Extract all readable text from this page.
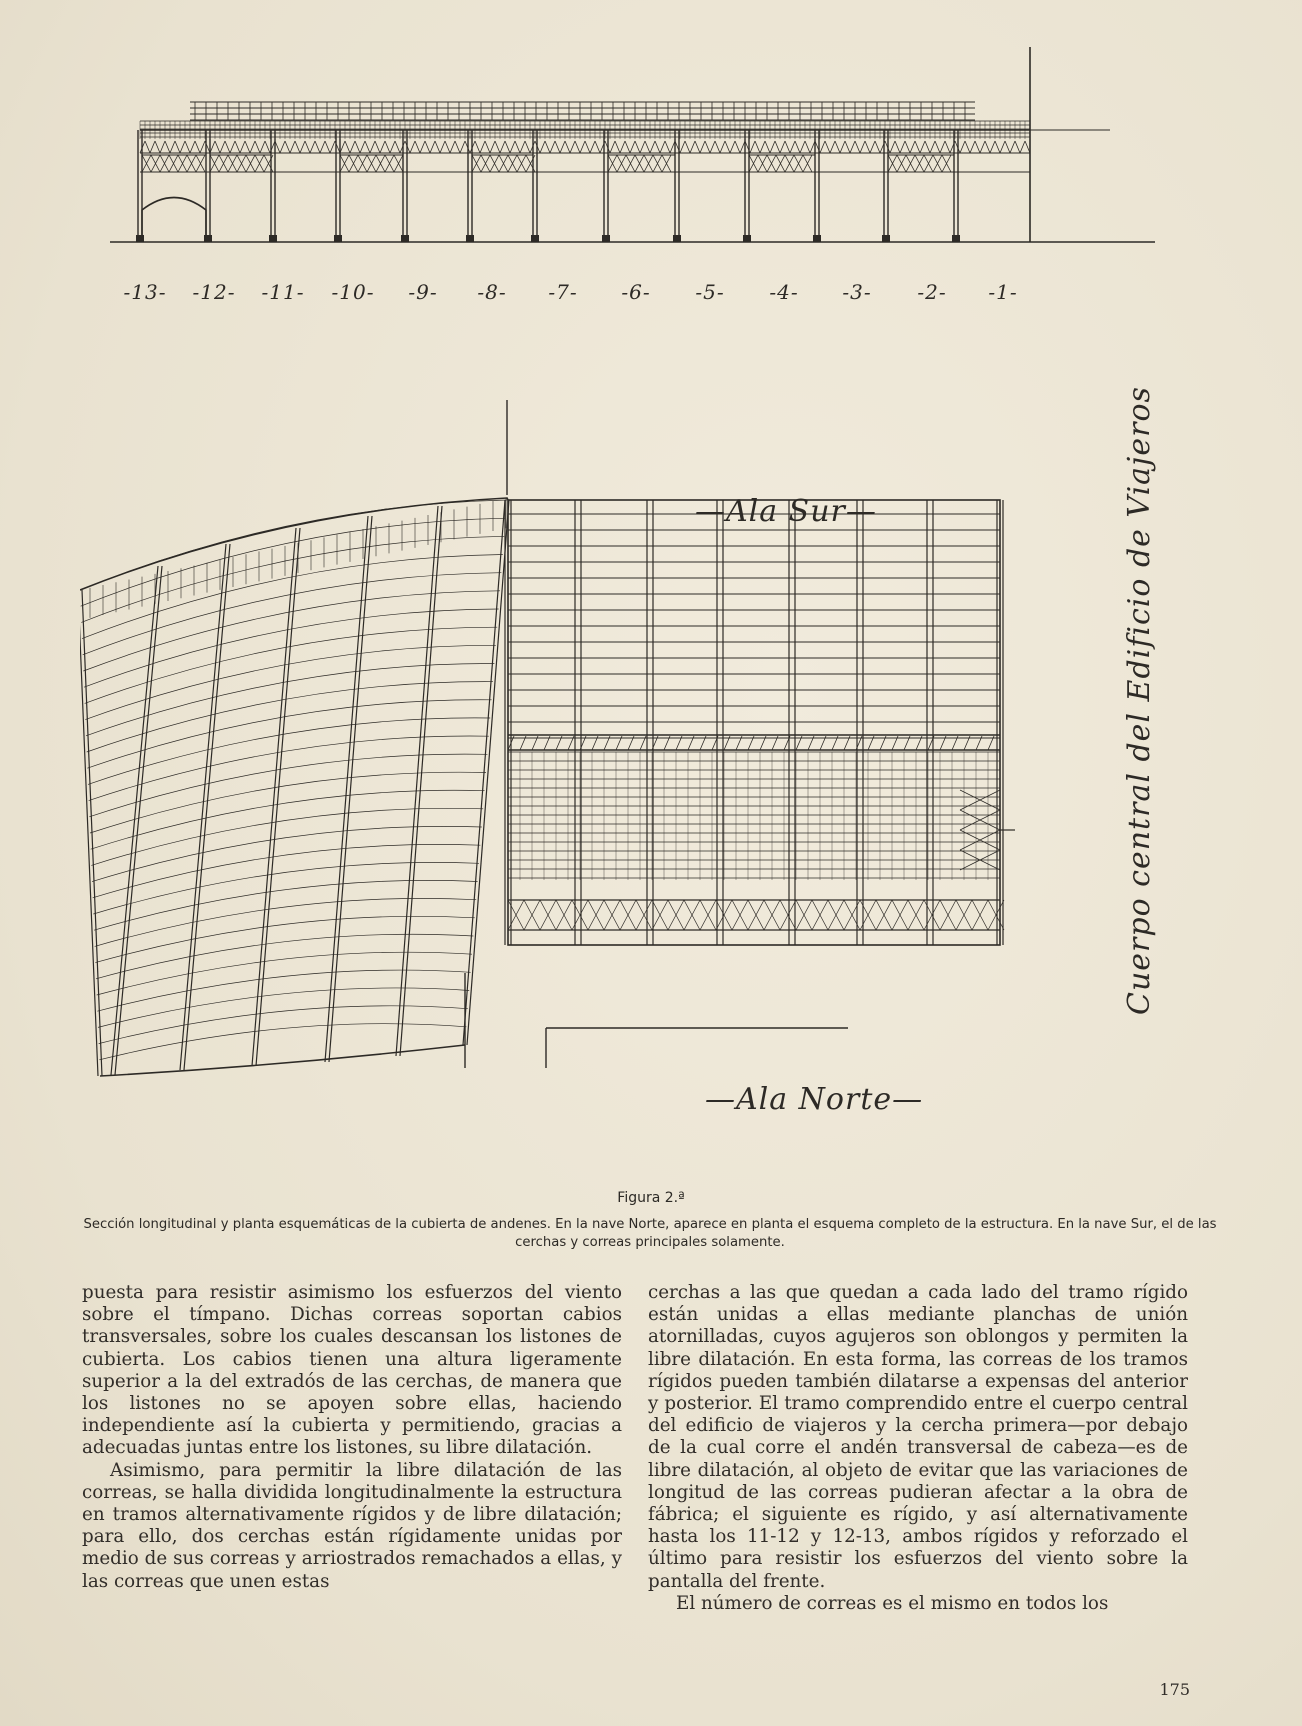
-13-	-12-	-11-	-10-	-9-	-8-	-7-	-6-	-5-	-4-	-3-	-2-	-1-
—Ala Sur—
—Ala Norte—
Cuerpo central del Edificio de Viajeros
Figura 2.ª
Sección longitudinal y planta esquemáticas de la cubierta de andenes. En la nave Norte, aparece en planta el esquema completo de la estructura. En la nave Sur, el de las cerchas y correas principales solamente.

puesta para resistir asimismo los esfuerzos del viento sobre el tímpano. Dichas correas soportan cabios transversales, sobre los cuales descansan los listones de cubierta. Los cabios tienen una altura ligeramente superior a la del extradós de las cerchas, de manera que los listones no se apoyen sobre ellas, haciendo independiente así la cubierta y permitiendo, gracias a adecuadas juntas entre los listones, su libre dilatación.

Asimismo, para permitir la libre dilatación de las correas, se halla dividida longitudinalmente la estructura en tramos alternativamente rígidos y de libre dilatación; para ello, dos cerchas están rígidamente unidas por medio de sus correas y arriostrados remachados a ellas, y las correas que unen estas

cerchas a las que quedan a cada lado del tramo rígido están unidas a ellas mediante planchas de unión atornilladas, cuyos agujeros son oblongos y permiten la libre dilatación. En esta forma, las correas de los tramos rígidos pueden también dilatarse a expensas del anterior y posterior. El tramo comprendido entre el cuerpo central del edificio de viajeros y la cercha primera—por debajo de la cual corre el andén transversal de cabeza—es de libre dilatación, al objeto de evitar que las variaciones de longitud de las correas pudieran afectar a la obra de fábrica; el siguiente es rígido, y así alternativamente hasta los 11-12 y 12-13, ambos rígidos y reforzado el último para resistir los esfuerzos del viento sobre la pantalla del frente.

El número de correas es el mismo en todos los

175
